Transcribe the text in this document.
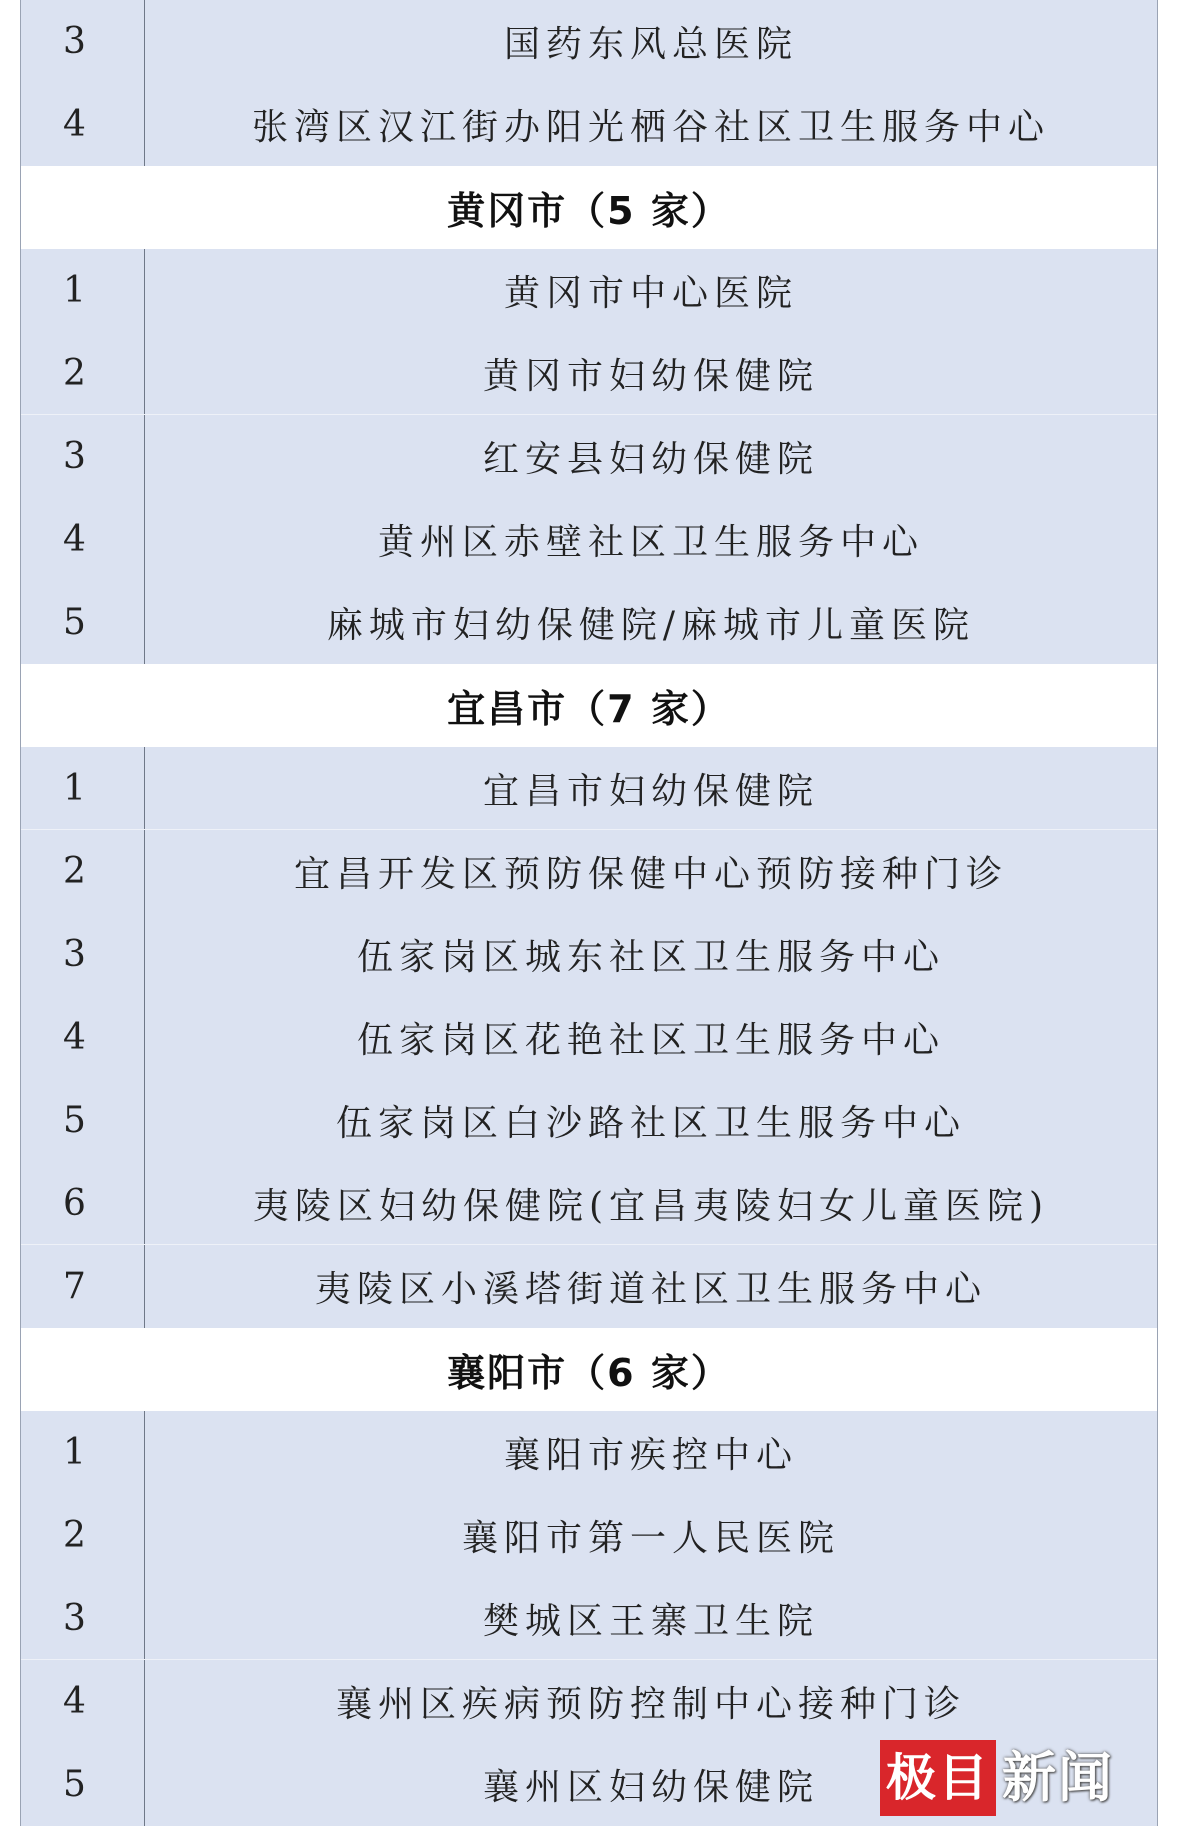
3	国药东风总医院
4	张湾区汉江街办阳光栖谷社区卫生服务中心
黄冈市（5 家）
1	黄冈市中心医院
2	黄冈市妇幼保健院
3	红安县妇幼保健院
4	黄州区赤壁社区卫生服务中心
5	麻城市妇幼保健院/麻城市儿童医院
宜昌市（7 家）
1	宜昌市妇幼保健院
2	宜昌开发区预防保健中心预防接种门诊
3	伍家岗区城东社区卫生服务中心
4	伍家岗区花艳社区卫生服务中心
5	伍家岗区白沙路社区卫生服务中心
6	夷陵区妇幼保健院(宜昌夷陵妇女儿童医院)
7	夷陵区小溪塔街道社区卫生服务中心
襄阳市（6 家）
1	襄阳市疾控中心
2	襄阳市第一人民医院
3	樊城区王寨卫生院
4	襄州区疾病预防控制中心接种门诊
5	襄州区妇幼保健院	极目 新闻
